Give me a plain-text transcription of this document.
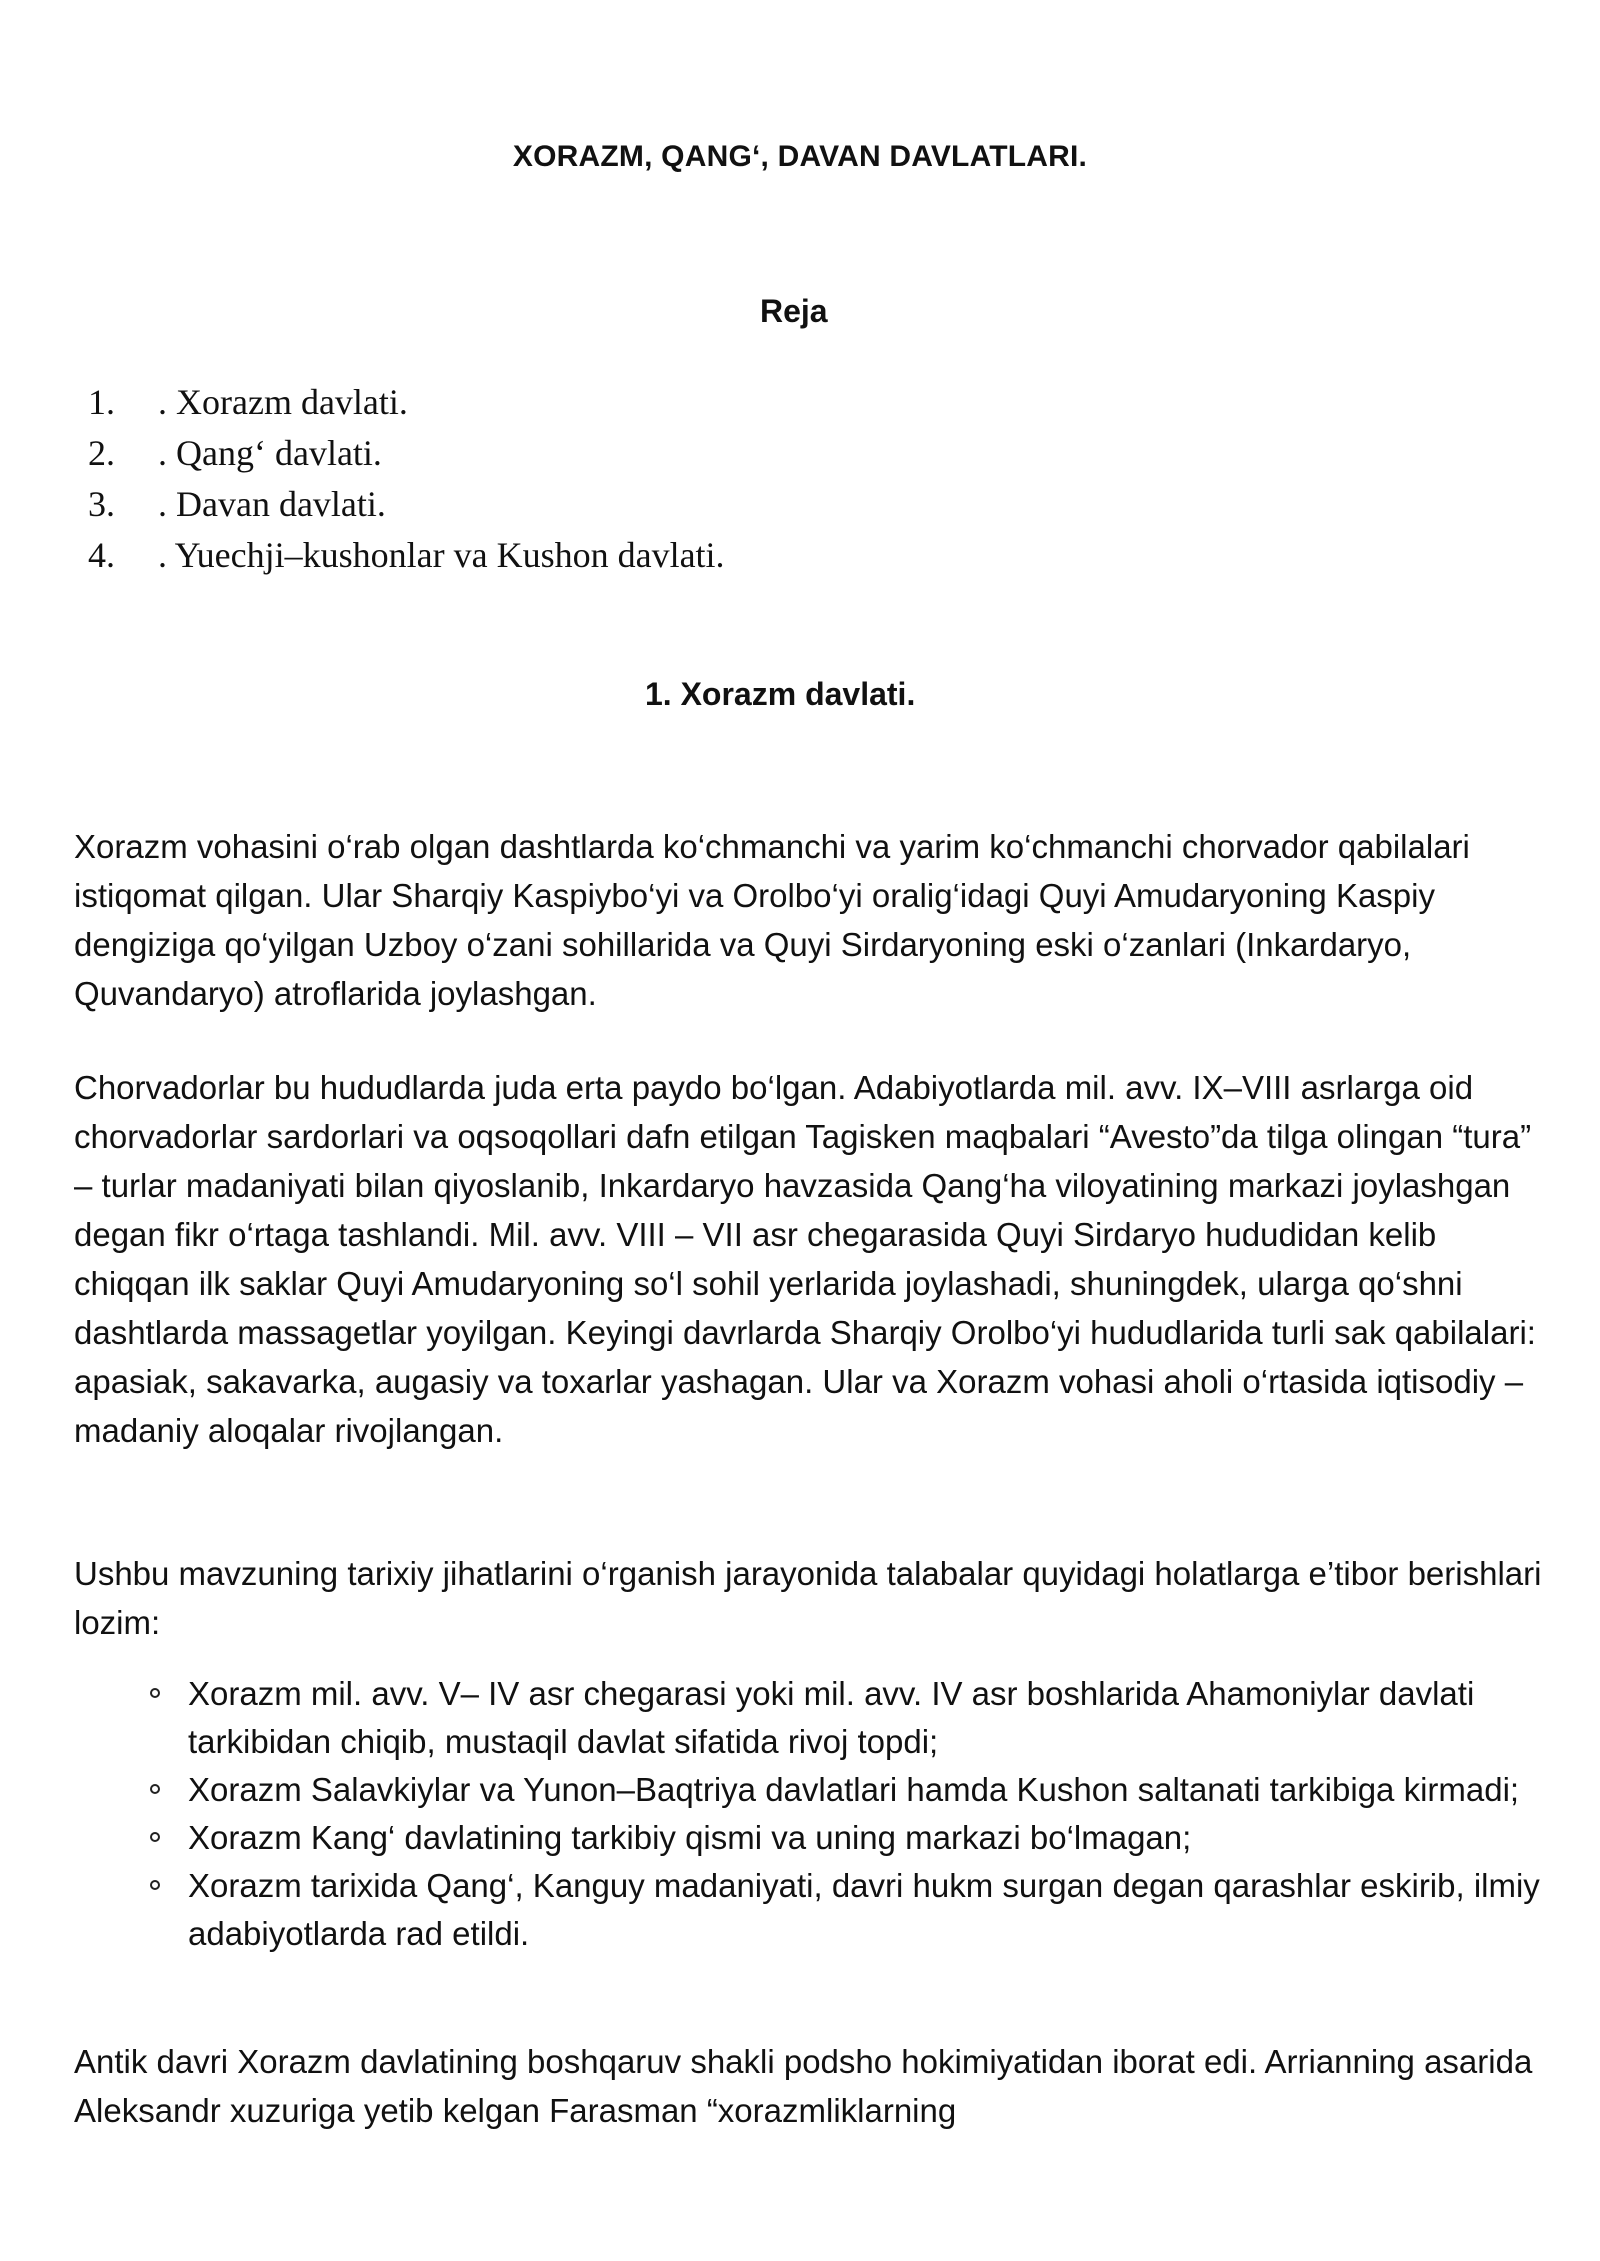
XORAZM, QANG‘, DAVAN DAVLATLARI.
Reja
1. . Xorazm davlati.
2. . Qang‘ davlati.
3. . Davan davlati.
4. . Yuechji–kushonlar va Kushon davlati.
1. Xorazm davlati.

Xorazm vohasini o‘rab olgan dashtlarda ko‘chmanchi va yarim ko‘chmanchi chorvador qabilalari istiqomat qilgan. Ular Sharqiy Kaspiybo‘yi va Orolbo‘yi oralig‘idagi Quyi Amudaryoning Kaspiy dengiziga qo‘yilgan Uzboy o‘zani sohillarida va Quyi Sirdaryoning eski o‘zanlari (Inkardaryo, Quvandaryo) atroflarida joylashgan.

Chorvadorlar bu hududlarda juda erta paydo bo‘lgan. Adabiyotlarda mil. avv. IX–VIII asrlarga oid chorvadorlar sardorlari va oqsoqollari dafn etilgan Tagisken maqbalari “Avesto”da tilga olingan “tura” – turlar madaniyati bilan qiyoslanib, Inkardaryo havzasida Qang‘ha viloyatining markazi joylashgan degan fikr o‘rtaga tashlandi. Mil. avv. VIII – VII asr chegarasida Quyi Sirdaryo hududidan kelib chiqqan ilk saklar Quyi Amudaryoning so‘l sohil yerlarida joylashadi, shuningdek, ularga qo‘shni dashtlarda massagetlar yoyilgan. Keyingi davrlarda Sharqiy Orolbo‘yi hududlarida turli sak qabilalari: apasiak, sakavarka, augasiy va toxarlar yashagan. Ular va Xorazm vohasi aholi o‘rtasida iqtisodiy – madaniy aloqalar rivojlangan.

Ushbu mavzuning tarixiy jihatlarini o‘rganish jarayonida talabalar quyidagi holatlarga e’tibor berishlari lozim:

Xorazm mil. avv. V– IV asr chegarasi yoki mil. avv. IV asr boshlarida Ahamoniylar davlati tarkibidan chiqib, mustaqil davlat sifatida rivoj topdi;
Xorazm Salavkiylar va Yunon–Baqtriya davlatlari hamda Kushon saltanati tarkibiga kirmadi;
Xorazm Kang‘ davlatining tarkibiy qismi va uning markazi bo‘lmagan;
Xorazm tarixida Qang‘, Kanguy madaniyati, davri hukm surgan degan qarashlar eskirib, ilmiy adabiyotlarda rad etildi.

Antik davri Xorazm davlatining boshqaruv shakli podsho hokimiyatidan iborat edi. Arrianning asarida Aleksandr xuzuriga yetib kelgan Farasman “xorazmliklarning
